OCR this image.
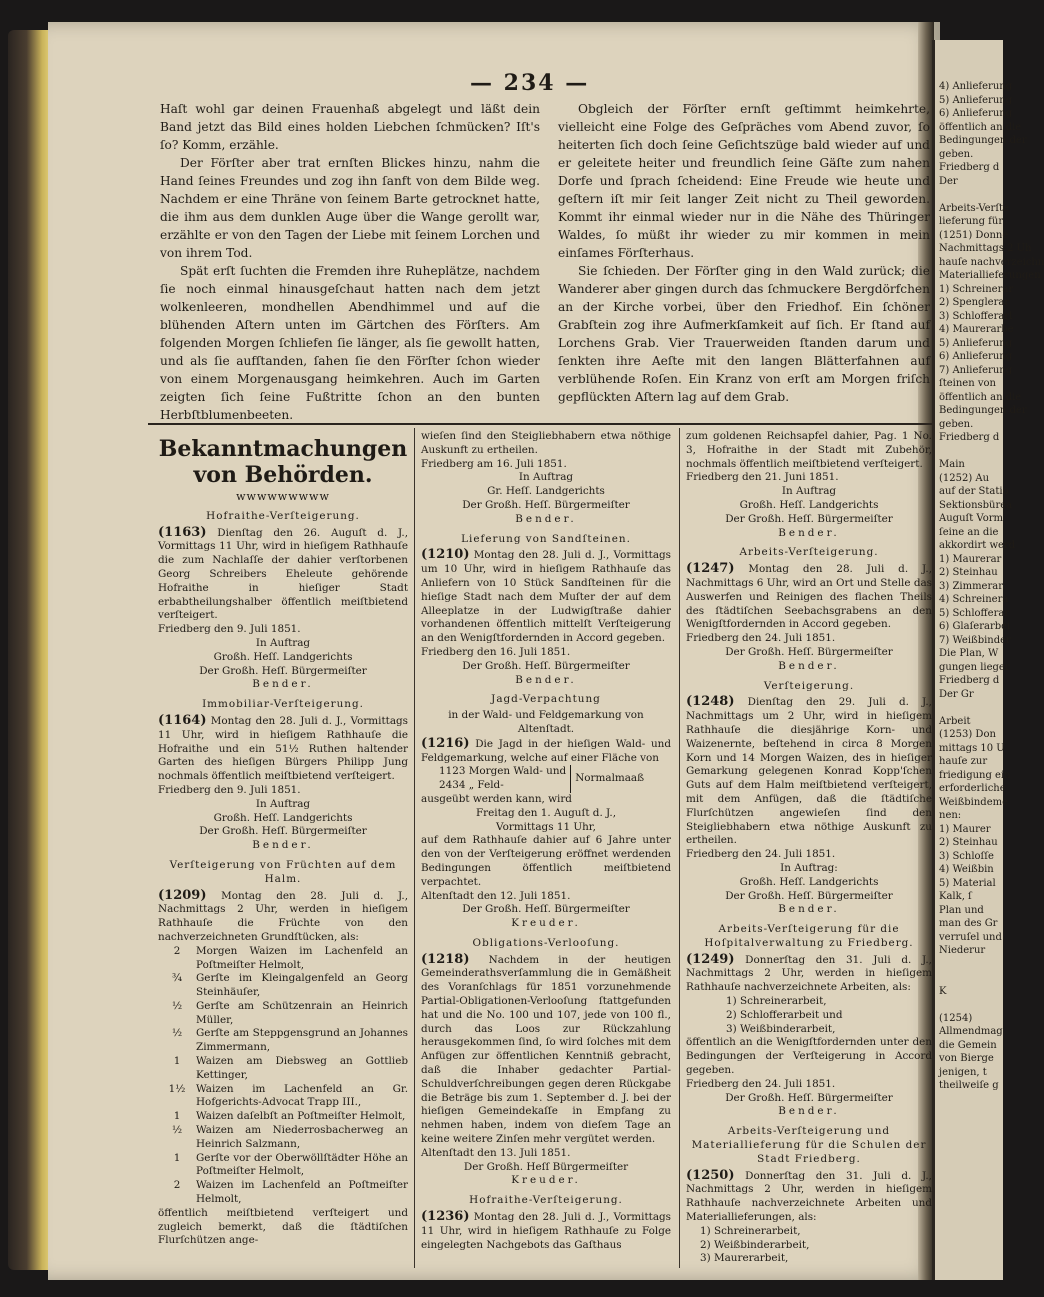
4) Anlieferung
5) Anlieferung
6) Anlieferung
öffentlich an die
Bedingungen der
geben.
Friedberg d
Der
Arbeits-Verſte
lieferung für
(1251) Donne
Nachmittags 2 Uh
hauſe nachverzeichn
Materiallieferungen
1) Schreinerar
2) Spenglerar
3) Schlofferarl
4) Maurerarbe
5) Anlieferung
6) Anlieferung
7) Anlieferung
ſteinen von
öffentlich an die
Bedingungen der
geben.
Friedberg d
Main
(1252) Au
auf der Statio
Sektionsbürea
Auguſt Vorm
ſeine an die
akkordirt werd
1) Maurerar
2) Steinhau
3) Zimmerar
4) Schreinera
5) Schlofferar
6) Glaſerarbei
7) Weißbinder
Die Plan, W
gungen lieger
Friedberg d
Der Gr
Arbeit
(1253) Don
mittags 10 U
hauſe zur
friedigung ein
erforderliche
Weißbindeme
nen:
1) Maurer
2) Steinhau
3) Schloſſe
4) Weißbin
5) Material
Kalk, ſ
Plan und
man des Gr
verruſel und
Niederur
K
(1254)
Allmendmag
die Gemein
von Bierge
jenigen, t
theilweiſe g
— 234 —

Haſt wohl gar deinen Frauenhaß abgelegt und läßt dein Band jetzt das Bild eines holden Liebchen ſchmücken? Iſt's ſo? Komm, erzähle.

Der Förſter aber trat ernſten Blickes hinzu, nahm die Hand ſeines Freundes und zog ihn ſanft von dem Bilde weg. Nachdem er eine Thräne von ſeinem Barte getrocknet hatte, die ihm aus dem dunklen Auge über die Wange gerollt war, erzählte er von den Tagen der Liebe mit ſeinem Lorchen und von ihrem Tod.

Spät erſt ſuchten die Fremden ihre Ruheplätze, nachdem ſie noch einmal hinausgeſchaut hatten nach dem jetzt wolkenleeren, mondhellen Abendhimmel und auf die blühenden Aſtern unten im Gärtchen des Förſters. Am folgenden Morgen ſchliefen ſie länger, als ſie gewollt hatten, und als ſie aufſtanden, ſahen ſie den Förſter ſchon wieder von einem Morgenausgang heimkehren. Auch im Garten zeigten ſich ſeine Fußtritte ſchon an den bunten Herbſtblumenbeeten.

Obgleich der Förſter ernſt geſtimmt heimkehrte, vielleicht eine Folge des Geſpräches vom Abend zuvor, ſo heiterten ſich doch ſeine Geſichtszüge bald wieder auf und er geleitete heiter und freundlich ſeine Gäſte zum nahen Dorfe und ſprach ſcheidend: Eine Freude wie heute und geſtern iſt mir ſeit langer Zeit nicht zu Theil geworden. Kommt ihr einmal wieder nur in die Nähe des Thüringer Waldes, ſo müßt ihr wieder zu mir kommen in mein einſames Förſterhaus.

Sie ſchieden. Der Förſter ging in den Wald zurück; die Wanderer aber gingen durch das ſchmuckere Bergdörfchen an der Kirche vorbei, über den Friedhof. Ein ſchöner Grabſtein zog ihre Aufmerkſamkeit auf ſich. Er ſtand auf Lorchens Grab. Vier Trauerweiden ſtanden darum und ſenkten ihre Aeſte mit den langen Blätterfahnen auf verblühende Roſen. Ein Kranz von erſt am Morgen friſch gepflückten Aſtern lag auf dem Grab.

Bekanntmachungen von Behörden.
ᴡᴡᴡᴡᴡᴡᴡᴡᴡ
Hofraithe-Verſteigerung.
(1163) Dienſtag den 26. Auguſt d. J., Vormittags 11 Uhr, wird in hieſigem Rathhauſe die zum Nachlaſſe der dahier verſtorbenen Georg Schreibers Eheleute gehörende Hofraithe in hieſiger Stadt erbabtheilungshalber öffentlich meiſtbietend verſteigert.
Friedberg den 9. Juli 1851.
In Auftrag
Großh. Heſſ. Landgerichts
Der Großh. Heſſ. Bürgermeiſter
Bender.
Immobiliar-Verſteigerung.
(1164) Montag den 28. Juli d. J., Vormittags 11 Uhr, wird in hieſigem Rathhauſe die Hofraithe und ein 51½ Ruthen haltender Garten des hieſigen Bürgers Philipp Jung nochmals öffentlich meiſtbietend verſteigert.
Friedberg den 9. Juli 1851.
In Auftrag
Großh. Heſſ. Landgerichts
Der Großh. Heſſ. Bürgermeiſter
Bender.
Verſteigerung von Früchten auf dem Halm.
(1209) Montag den 28. Juli d. J., Nachmittags 2 Uhr, werden in hieſigem Rathhauſe die Früchte von den nachverzeichneten Grundſtücken, als:
2	Morgen Waizen im Lachenfeld an Poſtmeiſter Helmolt,
¾	Gerſte im Kleingalgenfeld an Georg Steinhäuſer,
½	Gerſte am Schützenrain an Heinrich Müller,
½	Gerſte am Steppgensgrund an Johannes Zimmermann,
1	Waizen am Diebsweg an Gottlieb Kettinger,
1½	Waizen im Lachenfeld an Gr. Hofgerichts-Advocat Trapp III.,
1	Waizen daſelbſt an Poſtmeiſter Helmolt,
½	Waizen am Niederrosbacherweg an Heinrich Salzmann,
1	Gerſte vor der Oberwöllſtädter Höhe an Poſtmeiſter Helmolt,
2	Waizen im Lachenfeld an Poſtmeiſter Helmolt,
öffentlich meiſtbietend verſteigert und zugleich bemerkt, daß die ſtädtiſchen Flurſchützen ange-
wieſen ſind den Steigliebhabern etwa nöthige Auskunft zu ertheilen.
Friedberg am 16. Juli 1851.
In Auftrag
Gr. Heſſ. Landgerichts
Der Großh. Heſſ. Bürgermeiſter
Bender.
Lieferung von Sandſteinen.
(1210) Montag den 28. Juli d. J., Vormittags um 10 Uhr, wird in hieſigem Rathhauſe das Anliefern von 10 Stück Sandſteinen für die hieſige Stadt nach dem Muſter der auf dem Alleeplatze in der Ludwigſtraße dahier vorhandenen öffentlich mittelſt Verſteigerung an den Wenigſtfordernden in Accord gegeben.
Friedberg den 16. Juli 1851.
Der Großh. Heſſ. Bürgermeiſter
Bender.
Jagd-Verpachtung
in der Wald- und Feldgemarkung von Altenſtadt.
(1216) Die Jagd in der hieſigen Wald- und Feldgemarkung, welche auf einer Fläche von
1123 Morgen Wald- und
2434 „ Feld-
Normalmaaß
ausgeübt werden kann, wird
Freitag den 1. Auguſt d. J.,
Vormittags 11 Uhr,
auf dem Rathhauſe dahier auf 6 Jahre unter den von der Verſteigerung eröffnet werdenden Bedingungen öffentlich meiſtbietend verpachtet.
Altenſtadt den 12. Juli 1851.
Der Großh. Heſſ. Bürgermeiſter
Kreuder.
Obligations-Verlooſung.
(1218) Nachdem in der heutigen Gemeinderathsverſammlung die in Gemäßheit des Voranſchlags für 1851 vorzunehmende Partial-Obligationen-Verlooſung ſtattgefunden hat und die No. 100 und 107, jede von 100 fl., durch das Loos zur Rückzahlung herausgekommen ſind, ſo wird ſolches mit dem Anfügen zur öffentlichen Kenntniß gebracht, daß die Inhaber gedachter Partial-Schuldverſchreibungen gegen deren Rückgabe die Beträge bis zum 1. September d. J. bei der hieſigen Gemeindekaſſe in Empfang zu nehmen haben, indem von dieſem Tage an keine weitere Zinſen mehr vergütet werden.
Altenſtadt den 13. Juli 1851.
Der Großh. Heſſ Bürgermeiſter
Kreuder.
Hofraithe-Verſteigerung.
(1236) Montag den 28. Juli d. J., Vormittags 11 Uhr, wird in hieſigem Rathhauſe zu Folge eingelegten Nachgebots das Gaſthaus
zum goldenen Reichsapfel dahier, Pag. 1 No. 3, Hofraithe in der Stadt mit Zubehör, nochmals öffentlich meiſtbietend verſteigert.
Friedberg den 21. Juni 1851.
In Auftrag
Großh. Heſſ. Landgerichts
Der Großh. Heſſ. Bürgermeiſter
Bender.
Arbeits-Verſteigerung.
(1247) Montag den 28. Juli d. J., Nachmittags 6 Uhr, wird an Ort und Stelle das Auswerfen und Reinigen des flachen Theils des ſtädtiſchen Seebachsgrabens an den Wenigſtfordernden in Accord gegeben.
Friedberg den 24. Juli 1851.
Der Großh. Heſſ. Bürgermeiſter
Bender.
Verſteigerung.
(1248) Dienſtag den 29. Juli d. J., Nachmittags um 2 Uhr, wird in hieſigem Rathhauſe die diesjährige Korn- und Waizenernte, beſtehend in circa 8 Morgen Korn und 14 Morgen Waizen, des in hieſiger Gemarkung gelegenen Konrad Kopp'ſchen Guts auf dem Halm meiſtbietend verſteigert, mit dem Anfügen, daß die ſtädtiſche Flurſchützen angewieſen ſind den Steigliebhabern etwa nöthige Auskunft zu ertheilen.
Friedberg den 24. Juli 1851.
In Auftrag:
Großh. Heſſ. Landgerichts
Der Großh. Heſſ. Bürgermeiſter
Bender.
Arbeits-Verſteigerung für die Hoſpitalverwaltung zu Friedberg.
(1249) Donnerſtag den 31. Juli d. J., Nachmittags 2 Uhr, werden in hieſigem Rathhauſe nachverzeichnete Arbeiten, als:
1) Schreinerarbeit,
2) Schlofferarbeit und
3) Weißbinderarbeit,
öffentlich an die Wenigſtfordernden unter den Bedingungen der Verſteigerung in Accord gegeben.
Friedberg den 24. Juli 1851.
Der Großh. Heſſ. Bürgermeiſter
Bender.
Arbeits-Verſteigerung und Materiallieferung für die Schulen der Stadt Friedberg.
(1250) Donnerſtag den 31. Juli d. J., Nachmittags 2 Uhr, werden in hieſigem Rathhauſe nachverzeichnete Arbeiten und Materiallieferungen, als:
1) Schreinerarbeit,
2) Weißbinderarbeit,
3) Maurerarbeit,
